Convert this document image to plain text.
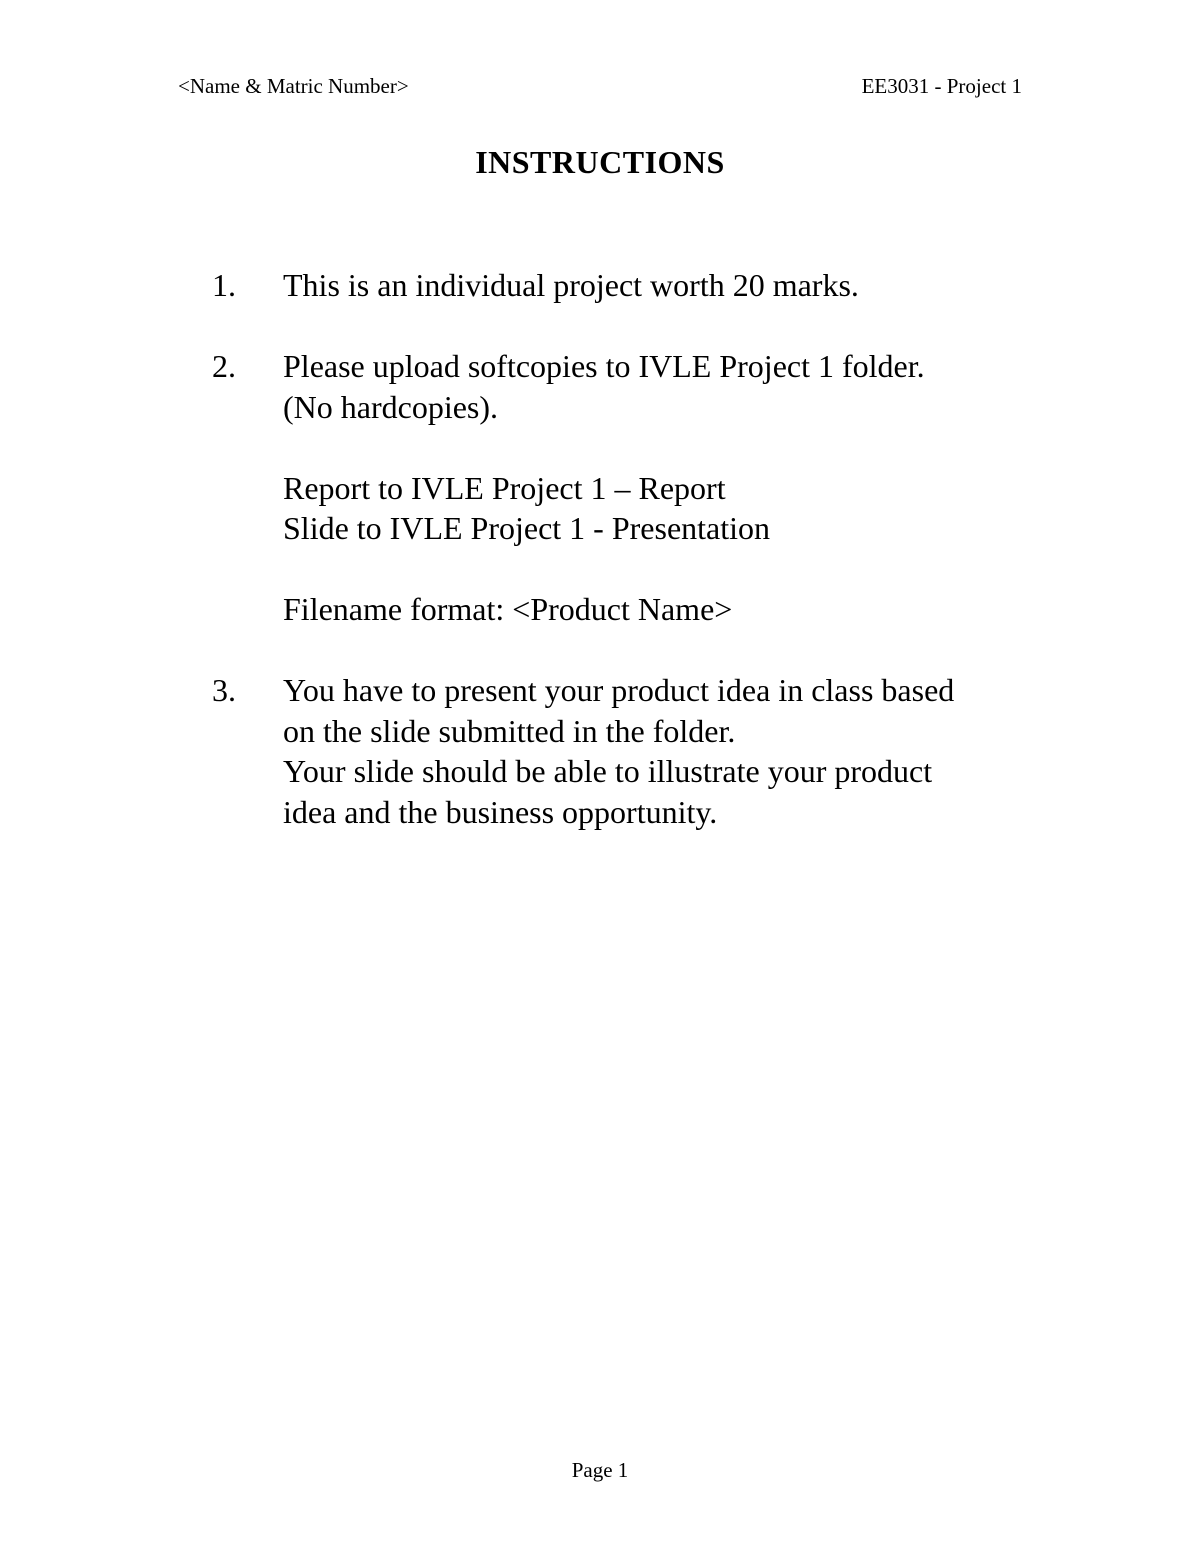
<Name & Matric Number>	EE3031 - Project 1
INSTRUCTIONS
1. This is an individual project worth 20 marks.
2. Please upload softcopies to IVLE Project 1 folder.
(No hardcopies).
Report to IVLE Project 1 – Report
Slide to IVLE Project 1 - Presentation
Filename format: <Product Name>
3. You have to present your product idea in class based
on the slide submitted in the folder.
Your slide should be able to illustrate your product
idea and the business opportunity.
Page 1
